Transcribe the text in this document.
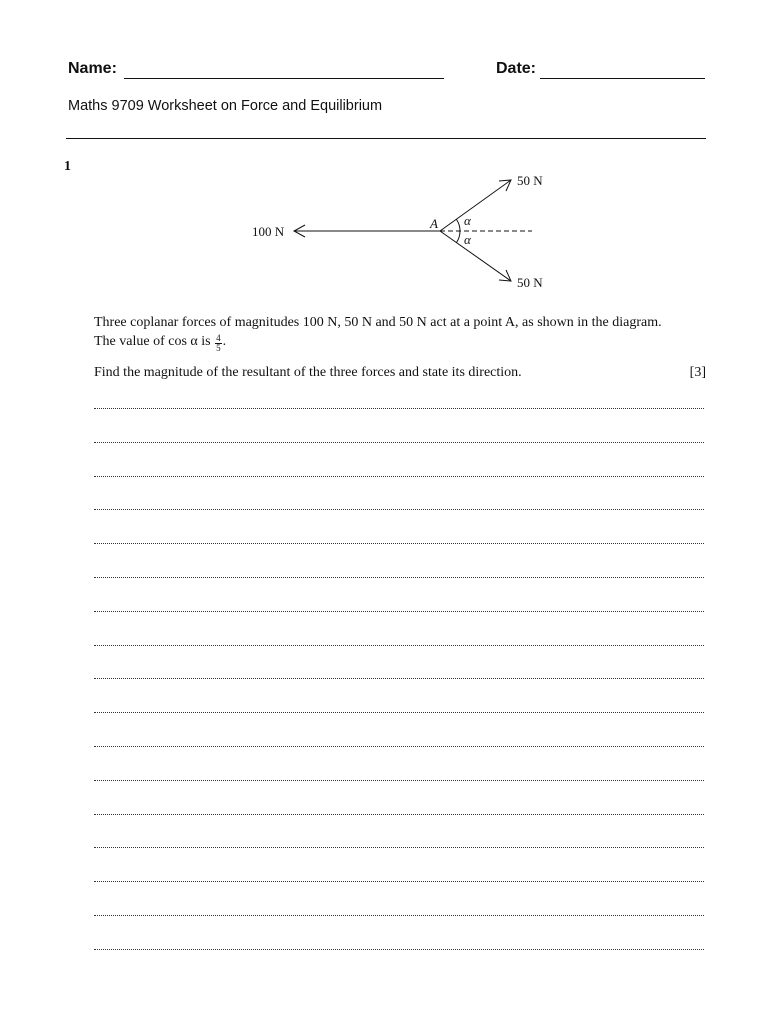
Name:	Date:
Maths 9709 Worksheet on Force and Equilibrium
1
100 N
50 N
50 N
A α
α
Three coplanar forces of magnitudes 100 N, 50 N and 50 N act at a point A, as shown in the diagram.
The value of cos α is $\frac{4}{5}$ .
Find the magnitude of the resultant of the three forces and state its direction.	[3]
